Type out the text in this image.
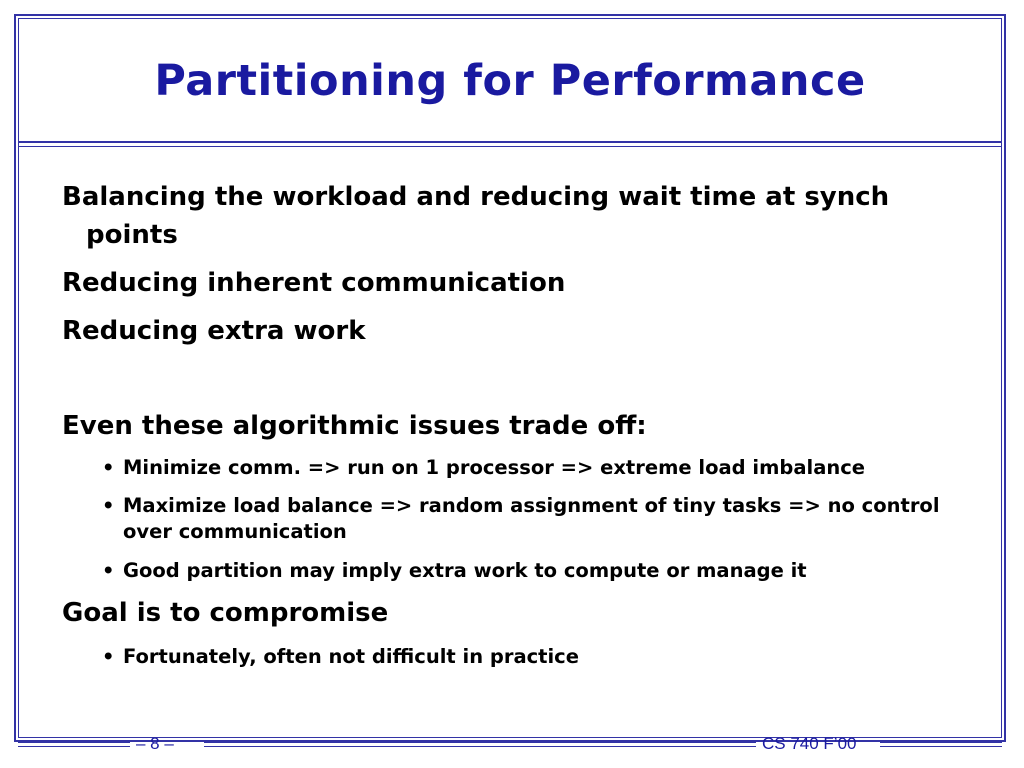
Partitioning for Performance
Balancing the workload and reducing wait time at synch points
Reducing inherent communication
Reducing extra work
Even these algorithmic issues trade off:
• Minimize comm. => run on 1 processor => extreme load imbalance
• Maximize load balance => random assignment of tiny tasks => no control over communication
• Good partition may imply extra work to compute or manage it
Goal is to compromise
• Fortunately, often not difficult in practice
– 8 –	CS 740 F’00
